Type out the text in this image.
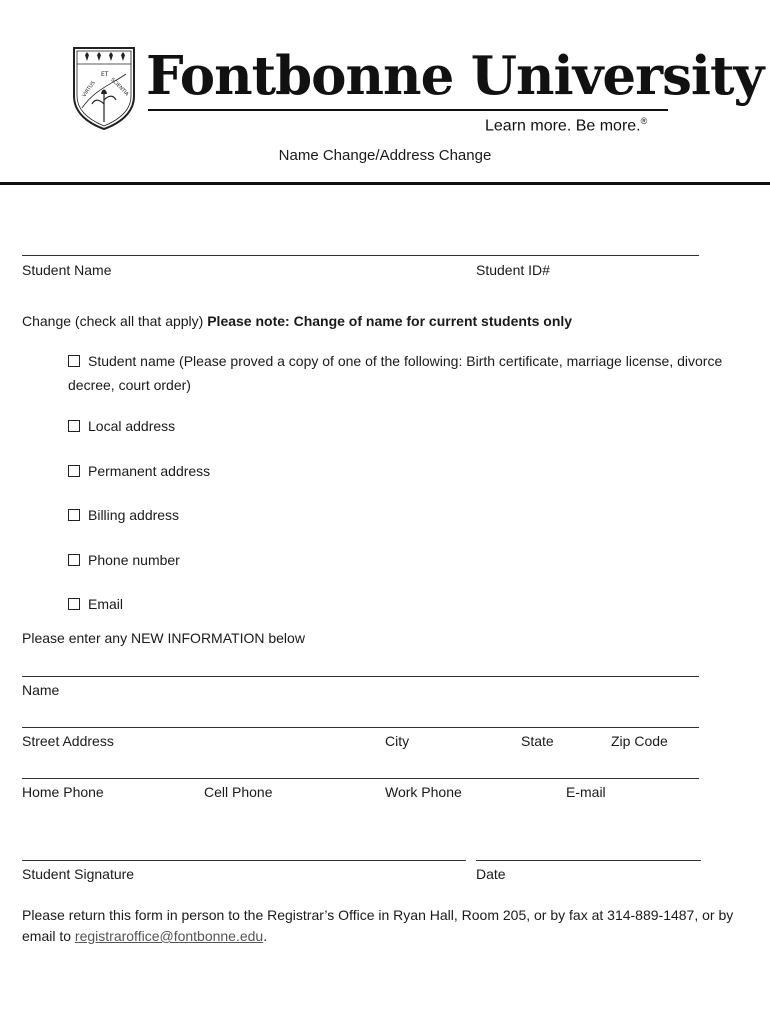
ET
VIRTUS SCIENTIA Fontbonne University
Learn more. Be more.®
Name Change/Address Change
Student Name	Student ID#
Change (check all that apply) Please note: Change of name for current students only
Student name (Please proved a copy of one of the following: Birth certificate, marriage license, divorce
decree, court order)
Local address
Permanent address
Billing address
Phone number
Email
Please enter any NEW INFORMATION below
Name
Street Address	City	State	Zip Code
Home Phone	Cell Phone	Work Phone	E-mail
Student Signature	Date
Please return this form in person to the Registrar’s Office in Ryan Hall, Room 205, or by fax at 314-889-1487, or by
email to registraroffice@fontbonne.edu.
